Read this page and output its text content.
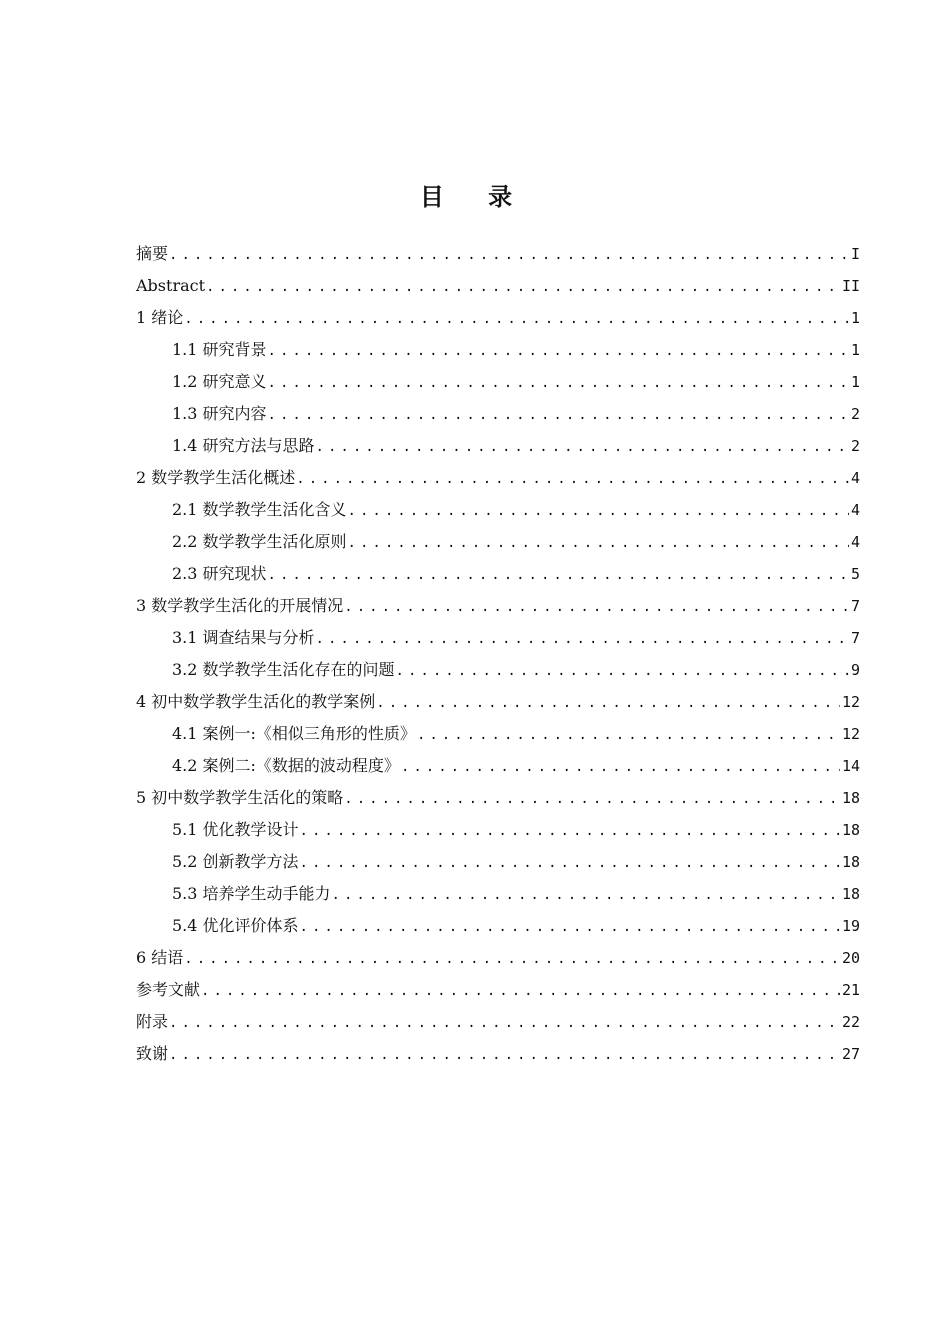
目 录
摘要 .....	I
Abstract .....	II
1 绪论 .....	1
1.1 研究背景 .....	1
1.2 研究意义 .....	1
1.3 研究内容 .....	2
1.4 研究方法与思路 .....	2
2 数学教学生活化概述 .....	4
2.1 数学教学生活化含义 .....	4
2.2 数学教学生活化原则 .....	4
2.3 研究现状 .....	5
3 数学教学生活化的开展情况 .....	7
3.1 调查结果与分析 .....	7
3.2 数学教学生活化存在的问题 .....	9
4 初中数学教学生活化的教学案例 .....	12
4.1 案例一:《相似三角形的性质》 .....	12
4.2 案例二:《数据的波动程度》 .....	14
5 初中数学教学生活化的策略 .....	18
5.1 优化教学设计 .....	18
5.2 创新教学方法 .....	18
5.3 培养学生动手能力 .....	18
5.4 优化评价体系 .....	19
6 结语 .....	20
参考文献 .....	21
附录 .....	22
致谢 .....	27
